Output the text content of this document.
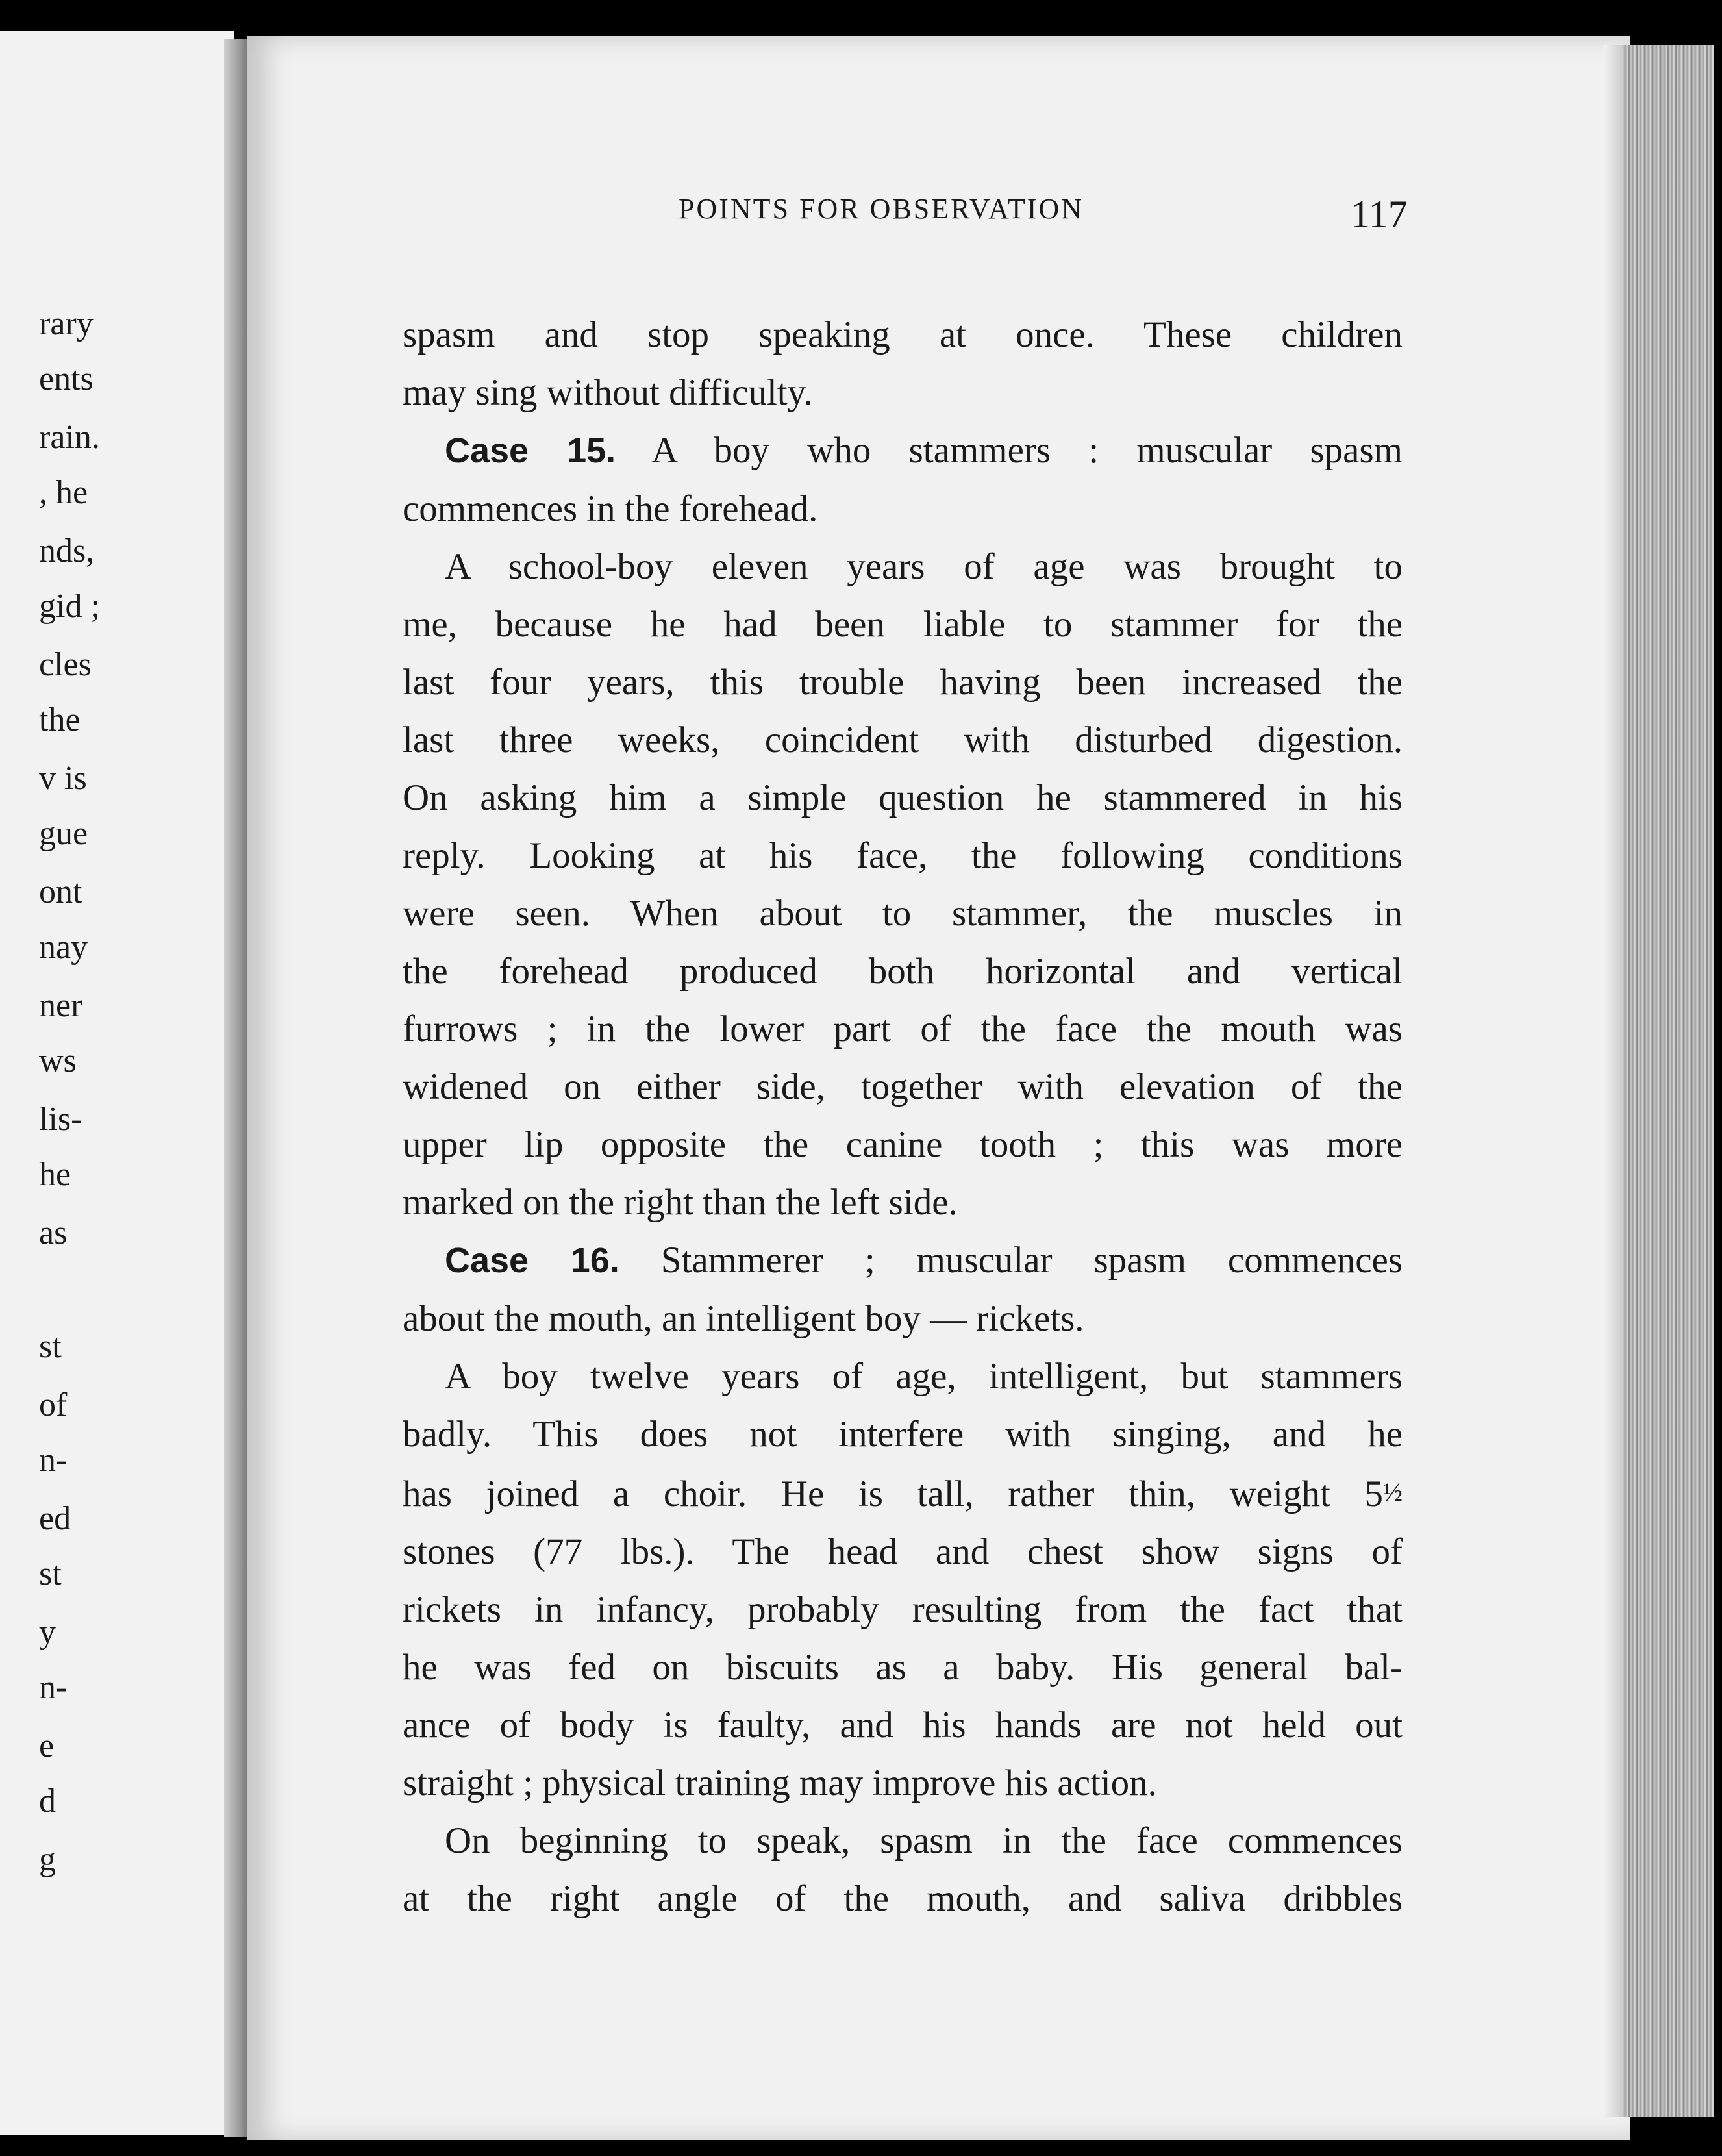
rary
ents
rain.
, he
nds,
gid ;
cles
the
v is
gue
ont
nay
ner
ws
lis-
he
as
st
of
n-
ed
st
y
n-
e
d
g
POINTS FOR OBSERVATION	117
spasm and stop speaking at once. These children
may sing without difficulty.
Case 15. A boy who stammers : muscular spasm
commences in the forehead.
A school-boy eleven years of age was brought to
me, because he had been liable to stammer for the
last four years, this trouble having been increased the
last three weeks, coincident with disturbed digestion.
On asking him a simple question he stammered in his
reply. Looking at his face, the following conditions
were seen. When about to stammer, the muscles in
the forehead produced both horizontal and vertical
furrows ; in the lower part of the face the mouth was
widened on either side, together with elevation of the
upper lip opposite the canine tooth ; this was more
marked on the right than the left side.
Case 16. Stammerer ; muscular spasm commences
about the mouth, an intelligent boy — rickets.
A boy twelve years of age, intelligent, but stammers
badly. This does not interfere with singing, and he
has joined a choir. He is tall, rather thin, weight 5½
stones (77 lbs.). The head and chest show signs of
rickets in infancy, probably resulting from the fact that
he was fed on biscuits as a baby. His general bal-
ance of body is faulty, and his hands are not held out
straight ; physical training may improve his action.
On beginning to speak, spasm in the face commences
at the right angle of the mouth, and saliva dribbles
